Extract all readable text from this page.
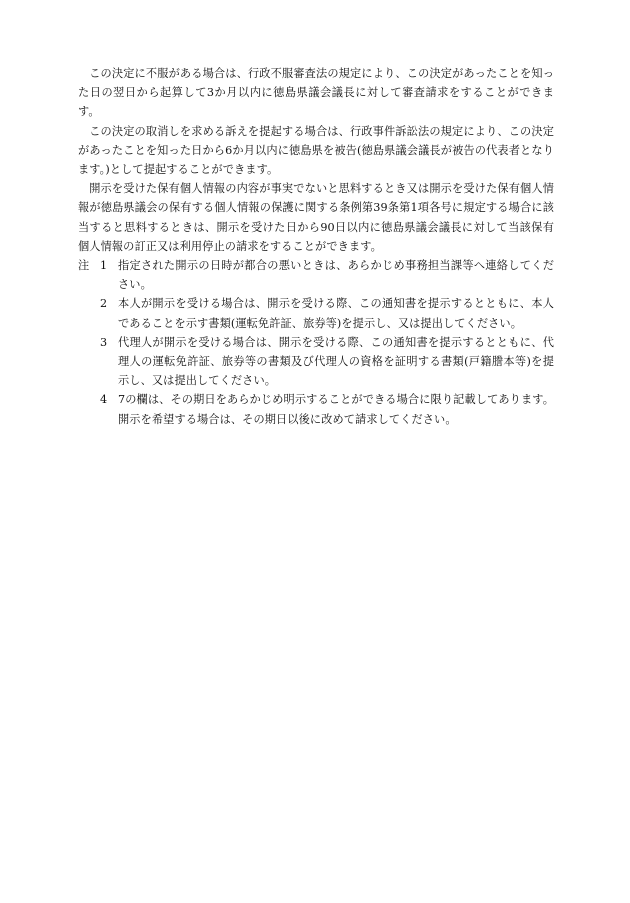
この決定に不服がある場合は、行政不服審査法の規定により、この決定があったことを知った日の翌日から起算して3か月以内に徳島県議会議長に対して審査請求をすることができます。

この決定の取消しを求める訴えを提起する場合は、行政事件訴訟法の規定により、この決定があったことを知った日から6か月以内に徳島県を被告(徳島県議会議長が被告の代表者となります。)として提起することができます。

開示を受けた保有個人情報の内容が事実でないと思料するとき又は開示を受けた保有個人情報が徳島県議会の保有する個人情報の保護に関する条例第39条第1項各号に規定する場合に該当すると思料するときは、開示を受けた日から90日以内に徳島県議会議長に対して当該保有個人情報の訂正又は利用停止の請求をすることができます。

注 1 指定された開示の日時が都合の悪いときは、あらかじめ事務担当課等へ連絡してください。
2 本人が開示を受ける場合は、開示を受ける際、この通知書を提示するとともに、本人であることを示す書類(運転免許証、旅券等)を提示し、又は提出してください。
3 代理人が開示を受ける場合は、開示を受ける際、この通知書を提示するとともに、代理人の運転免許証、旅券等の書類及び代理人の資格を証明する書類(戸籍謄本等)を提示し、又は提出してください。
4 7の欄は、その期日をあらかじめ明示することができる場合に限り記載してあります。開示を希望する場合は、その期日以後に改めて請求してください。
